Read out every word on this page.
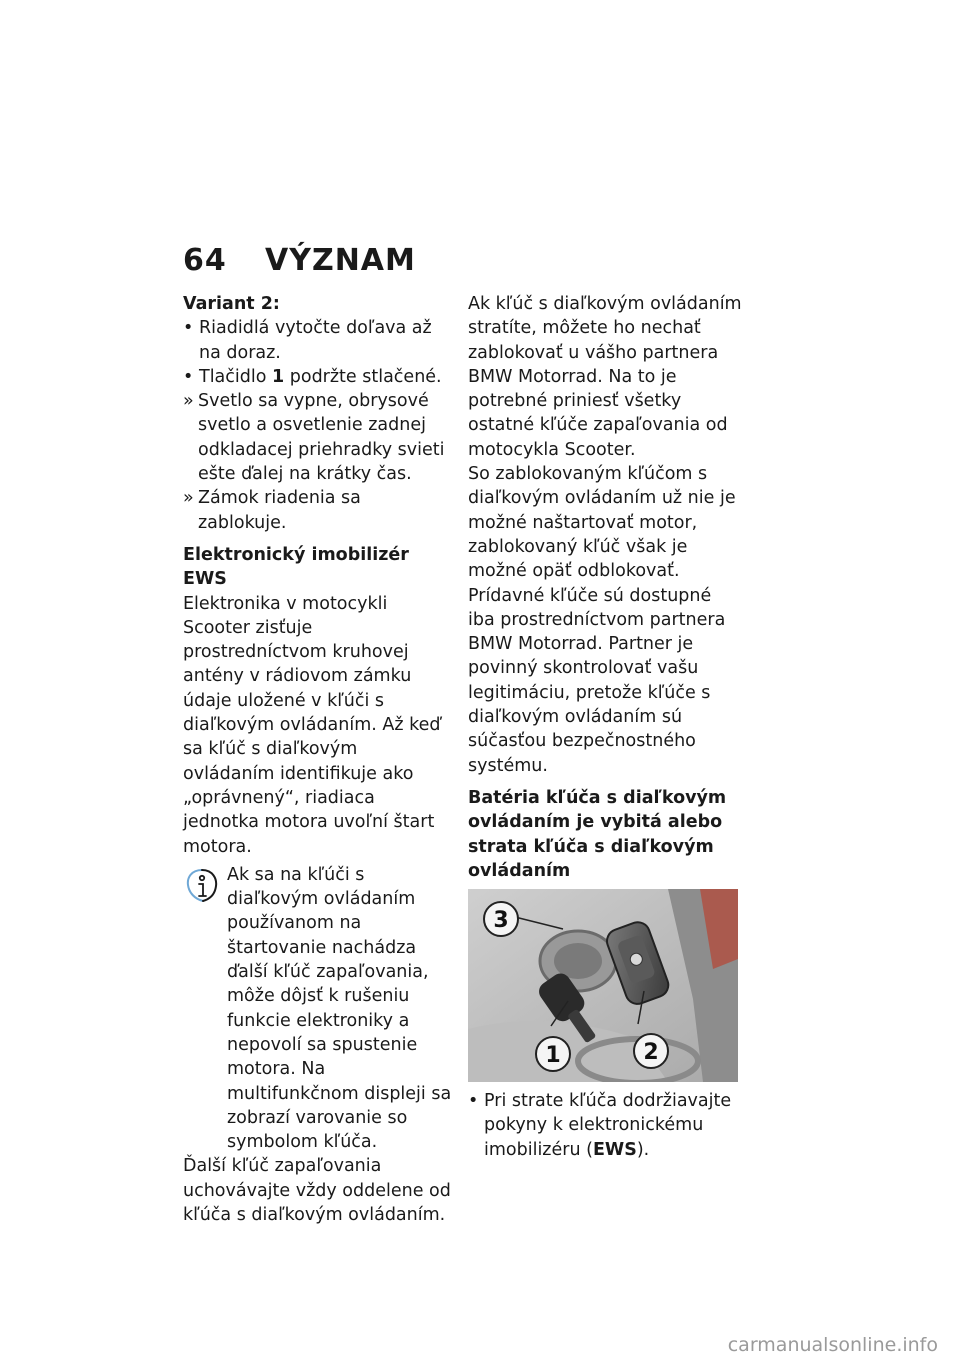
64 VÝZNAM

Variant 2:

• Riadidlá vytočte doľava až na doraz.
• Tlačidlo 1 podržte stlačené.
» Svetlo sa vypne, obrysové svetlo a osvetlenie zadnej odkladacej priehradky svieti ešte ďalej na krátky čas.
» Zámok riadenia sa zablokuje.

Elektronický imobilizér EWS

Elektronika v motocykli Scooter zisťuje prostredníctvom kruhovej antény v rádiovom zámku údaje uložené v kľúči s diaľkovým ovládaním. Až keď sa kľúč s diaľkovým ovládaním identifikuje ako „oprávnený“, riadiaca jednotka motora uvoľní štart motora.

Ak sa na kľúči s diaľkovým ovládaním používanom na štartovanie nachádza ďalší kľúč zapaľovania, môže dôjsť k rušeniu funkcie elektroniky a nepovolí sa spustenie motora. Na multifunkčnom displeji sa zobrazí varovanie so symbolom kľúča.

Ďalší kľúč zapaľovania uchovávajte vždy oddelene od kľúča s diaľkovým ovládaním.

Ak kľúč s diaľkovým ovládaním stratíte, môžete ho nechať zablokovať u vášho partnera BMW Motorrad. Na to je potrebné priniesť všetky ostatné kľúče zapaľovania od motocykla Scooter.

So zablokovaným kľúčom s diaľkovým ovládaním už nie je možné naštartovať motor, zablokovaný kľúč však je možné opäť odblokovať.

Prídavné kľúče sú dostupné iba prostredníctvom partnera BMW Motorrad. Partner je povinný skontrolovať vašu legitimáciu, pretože kľúče s diaľkovým ovládaním sú súčasťou bezpečnostného systému.

Batéria kľúča s diaľkovým ovládaním je vybitá alebo strata kľúča s diaľkovým ovládaním

3
1	2
• Pri strate kľúča dodržiavajte pokyny k elektronickému imobilizéru (EWS).
carmanualsonline.info
